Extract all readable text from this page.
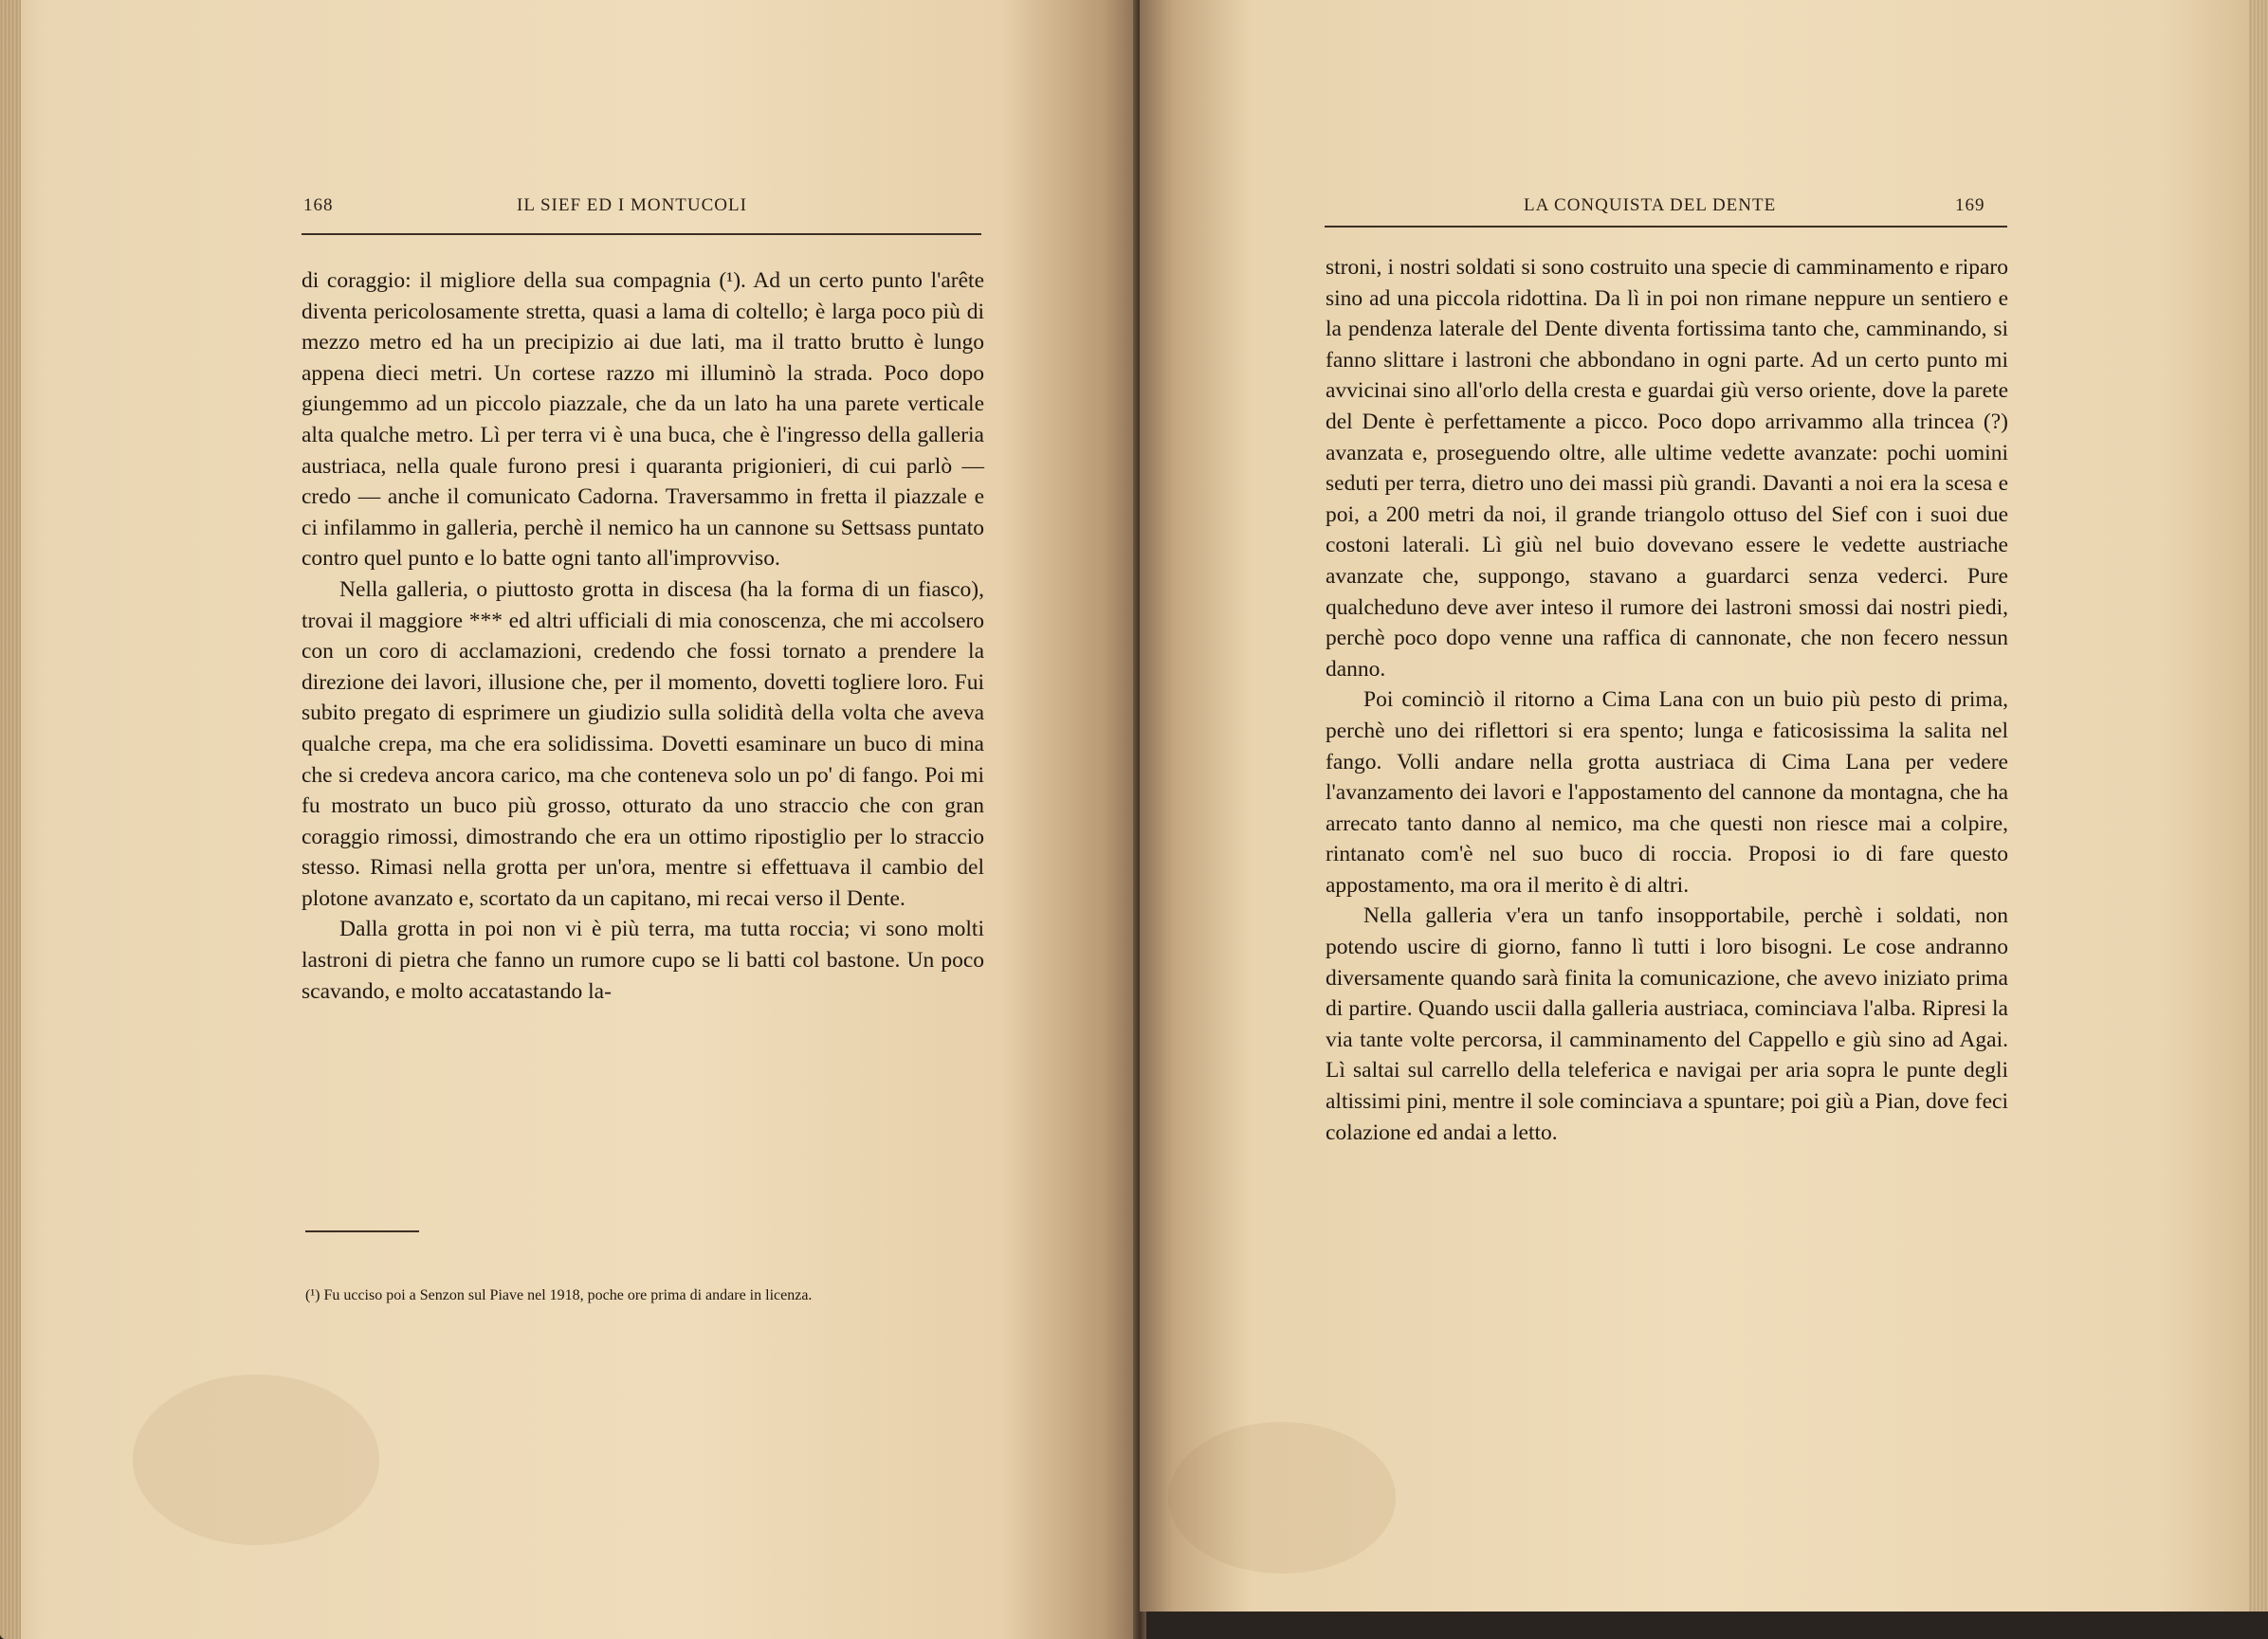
168	IL SIEF ED I MONTUCOLI

di coraggio: il migliore della sua compagnia (¹). Ad un certo punto l'arête diventa pericolosamente stretta, quasi a lama di coltello; è larga poco più di mezzo metro ed ha un precipizio ai due lati, ma il tratto brutto è lungo appena dieci metri. Un cortese razzo mi illuminò la strada. Poco dopo giungemmo ad un piccolo piazzale, che da un lato ha una parete verticale alta qualche metro. Lì per terra vi è una buca, che è l'ingresso della galleria austriaca, nella quale furono presi i quaranta prigionieri, di cui parlò — credo — anche il comunicato Cadorna. Traversammo in fretta il piazzale e ci infilammo in galleria, perchè il nemico ha un cannone su Settsass puntato contro quel punto e lo batte ogni tanto all'improvviso.

Nella galleria, o piuttosto grotta in discesa (ha la forma di un fiasco), trovai il maggiore *** ed altri ufficiali di mia conoscenza, che mi accolsero con un coro di acclamazioni, credendo che fossi tornato a prendere la direzione dei lavori, illusione che, per il momento, dovetti togliere loro. Fui subito pregato di esprimere un giudizio sulla solidità della volta che aveva qualche crepa, ma che era solidissima. Dovetti esaminare un buco di mina che si credeva ancora carico, ma che conteneva solo un po' di fango. Poi mi fu mostrato un buco più grosso, otturato da uno straccio che con gran coraggio rimossi, dimostrando che era un ottimo ripostiglio per lo straccio stesso. Rimasi nella grotta per un'ora, mentre si effettuava il cambio del plotone avanzato e, scortato da un capitano, mi recai verso il Dente.

Dalla grotta in poi non vi è più terra, ma tutta roccia; vi sono molti lastroni di pietra che fanno un rumore cupo se li batti col bastone. Un poco scavando, e molto accatastando la-

(¹) Fu ucciso poi a Senzon sul Piave nel 1918, poche ore prima di andare in licenza.
LA CONQUISTA DEL DENTE	169

stroni, i nostri soldati si sono costruito una specie di camminamento e riparo sino ad una piccola ridottina. Da lì in poi non rimane neppure un sentiero e la pendenza laterale del Dente diventa fortissima tanto che, camminando, si fanno slittare i lastroni che abbondano in ogni parte. Ad un certo punto mi avvicinai sino all'orlo della cresta e guardai giù verso oriente, dove la parete del Dente è perfettamente a picco. Poco dopo arrivammo alla trincea (?) avanzata e, proseguendo oltre, alle ultime vedette avanzate: pochi uomini seduti per terra, dietro uno dei massi più grandi. Davanti a noi era la scesa e poi, a 200 metri da noi, il grande triangolo ottuso del Sief con i suoi due costoni laterali. Lì giù nel buio dovevano essere le vedette austriache avanzate che, suppongo, stavano a guardarci senza vederci. Pure qualcheduno deve aver inteso il rumore dei lastroni smossi dai nostri piedi, perchè poco dopo venne una raffica di cannonate, che non fecero nessun danno.

Poi cominciò il ritorno a Cima Lana con un buio più pesto di prima, perchè uno dei riflettori si era spento; lunga e faticosissima la salita nel fango. Volli andare nella grotta austriaca di Cima Lana per vedere l'avanzamento dei lavori e l'appostamento del cannone da montagna, che ha arrecato tanto danno al nemico, ma che questi non riesce mai a colpire, rintanato com'è nel suo buco di roccia. Proposi io di fare questo appostamento, ma ora il merito è di altri.

Nella galleria v'era un tanfo insopportabile, perchè i soldati, non potendo uscire di giorno, fanno lì tutti i loro bisogni. Le cose andranno diversamente quando sarà finita la comunicazione, che avevo iniziato prima di partire. Quando uscii dalla galleria austriaca, cominciava l'alba. Ripresi la via tante volte percorsa, il camminamento del Cappello e giù sino ad Agai. Lì saltai sul carrello della teleferica e navigai per aria sopra le punte degli altissimi pini, mentre il sole cominciava a spuntare; poi giù a Pian, dove feci colazione ed andai a letto.
